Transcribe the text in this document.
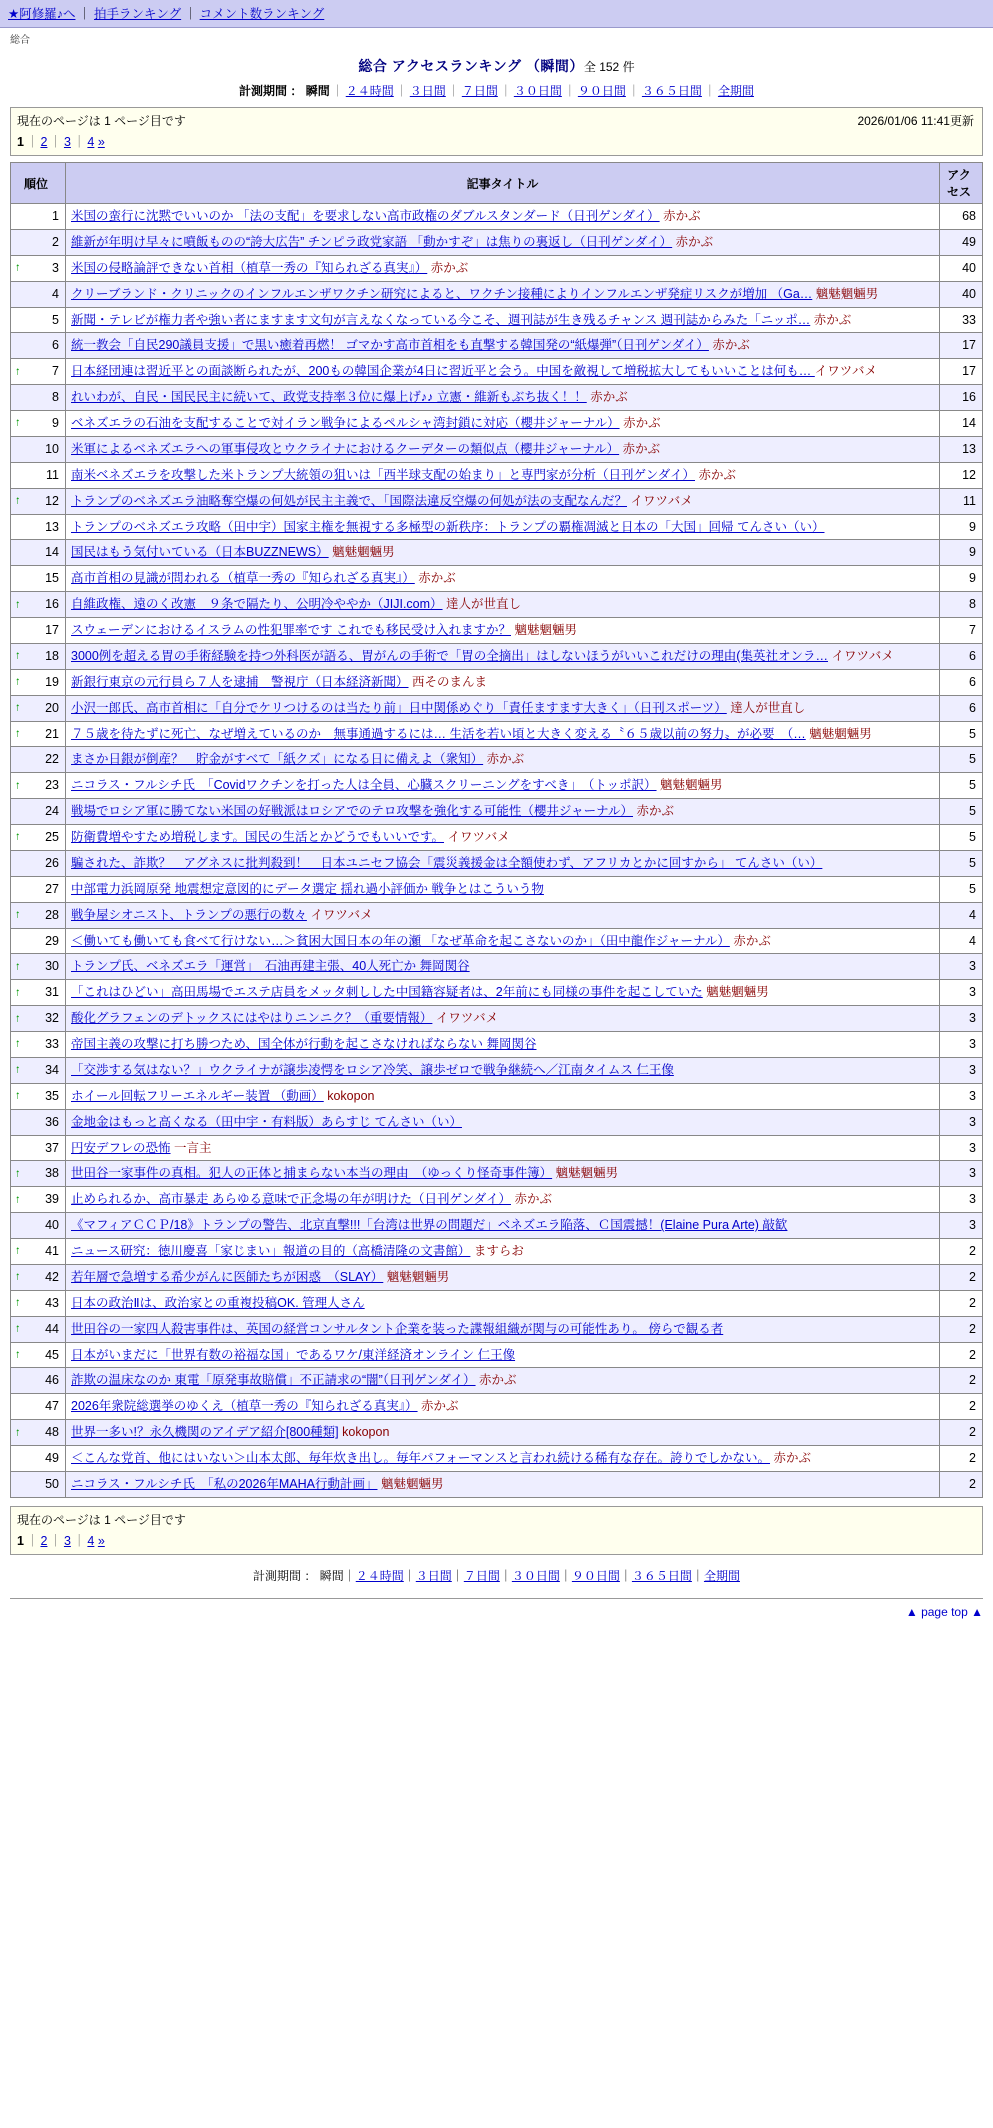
★阿修羅♪へ ｜ 拍手ランキング ｜ コメント数ランキング
総合
総合 アクセスランキング （瞬間）全 152 件
計測期間 ： 瞬間 ｜ ２４時間 ｜ ３日間 ｜ ７日間 ｜ ３０日間 ｜ ９０日間 ｜ ３６５日間 ｜ 全期間
2026/01/06 11:41更新
現在のページは 1 ページ目です
1 ｜ 2 ｜ 3 ｜ 4 »
順位	記事タイトル	アクセス
1	米国の蛮行に沈黙でいいのか 「法の支配」を要求しない高市政権のダブルスタンダード（日刊ゲンダイ） 赤かぶ	68
2	維新が年明け早々に噴飯ものの“誇大広告” チンピラ政党家語 「動かすぞ」は焦りの裏返し（日刊ゲンダイ） 赤かぶ	49

↑ 3	米国の侵略論評できない首相（植草一秀の『知られざる真実』） 赤かぶ	40
4	クリーブランド・クリニックのインフルエンザワクチン研究によると、ワクチン接種によりインフルエンザ発症リスクが増加 （Ga… 魑魅魍魎男	40
5	新聞・テレビが権力者や強い者にますます文句が言えなくなっている今こそ、週刊誌が生き残るチャンス 週刊誌からみた「ニッポ… 赤かぶ	33
6	統一教会「自民290議員支援」で黒い癒着再燃！ ゴマかす高市首相をも直撃する韓国発の“紙爆弾”（日刊ゲンダイ） 赤かぶ	17

↑ 7	日本経団連は習近平との面談断られたが、200もの韓国企業が4日に習近平と会う。中国を敵視して増税拡大してもいいことは何も… イワツバメ	17
8	れいわが、自民・国民民主に続いて、政党支持率３位に爆上げ♪♪ 立憲・維新もぶち抜く！！ 赤かぶ	16

↑ 9	ベネズエラの石油を支配することで対イラン戦争によるペルシャ湾封鎖に対応（櫻井ジャーナル） 赤かぶ	14
10	米軍によるベネズエラへの軍事侵攻とウクライナにおけるクーデターの類似点（櫻井ジャーナル） 赤かぶ	13
11	南米ベネズエラを攻撃した米トランプ大統領の狙いは「西半球支配の始まり」と専門家が分析（日刊ゲンダイ） 赤かぶ	12

↑ 12	トランプのベネズエラ油略奪空爆の何処が民主主義で、「国際法違反空爆の何処が法の支配なんだ？ イワツバメ	11
13	トランプのベネズエラ攻略（田中宇）国家主権を無視する多極型の新秩序：トランプの覇権凋滅と日本の「大国」回帰 てんさい（い）	9
14	国民はもう気付いている（日本BUZZNEWS） 魑魅魍魎男	9
15	高市首相の見識が問われる（植草一秀の『知られざる真実』） 赤かぶ	9

↑ 16	自維政権、遠のく改憲　９条で隔たり、公明冷ややか（JIJI.com） 達人が世直し	8
17	スウェーデンにおけるイスラムの性犯罪率です これでも移民受け入れますか？ 魑魅魍魎男	7

↑ 18	3000例を超える胃の手術経験を持つ外科医が語る、胃がんの手術で「胃の全摘出」はしないほうがいいこれだけの理由(集英社オンラ… イワツバメ	6

↑ 19	新銀行東京の元行員ら７人を逮捕　警視庁（日本経済新聞） 西そのまんま	6

↑ 20	小沢一郎氏、高市首相に「自分でケリつけるのは当たり前」日中関係めぐり「責任ますます大きく」（日刊スポーツ） 達人が世直し	6

↑ 21	７５歳を待たずに死亡、なぜ増えているのか　無事通過するには… 生活を若い頃と大きく変える〝６５歳以前の努力〟が必要　（… 魑魅魍魎男	5
22	まさか日銀が倒産？　貯金がすべて「紙クズ」になる日に備えよ（衆知） 赤かぶ	5

↑ 23	ニコラス・フルシチ氏　「Covidワクチンを打った人は全員、心臓スクリーニングをすべき」　（トッポ訳） 魑魅魍魎男	5
24	戦場でロシア軍に勝てない米国の好戦派はロシアでのテロ攻撃を強化する可能性（櫻井ジャーナル） 赤かぶ	5

↑ 25	防衛費増やすため増税します。国民の生活とかどうでもいいです。 イワツバメ	5
26	騙された、詐欺？　アグネスに批判殺到！　日本ユニセフ協会「震災義援金は全額使わず、アフリカとかに回すから」 てんさい（い）	5
27	中部電力浜岡原発 地震想定意図的にデータ選定 揺れ過小評価か 戦争とはこういう物	5

↑ 28	戦争屋シオニスト、トランプの悪行の数々 イワツバメ	4
29	＜働いても働いても食べて行けない…＞貧困大国日本の年の瀬 「なぜ革命を起こさないのか」（田中龍作ジャーナル） 赤かぶ	4

↑ 30	トランプ氏、ベネズエラ「運営」　石油再建主張、40人死亡か 舞岡関谷	3

↑ 31	「これはひどい」高田馬場でエステ店員をメッタ刺しした中国籍容疑者は、2年前にも同様の事件を起こしていた 魑魅魍魎男	3

↑ 32	酸化グラフェンのデトックスにはやはりニンニク？（重要情報） イワツバメ	3

↑ 33	帝国主義の攻撃に打ち勝つため、国全体が行動を起こさなければならない 舞岡関谷	3

↑ 34	「交渉する気はない？」ウクライナが譲歩凌愕をロシア冷笑、譲歩ゼロで戦争継続へ／江南タイムス 仁王像	3

↑ 35	ホイール回転フリーエネルギー装置 （動画） kokopon	3
36	金地金はもっと高くなる（田中宇・有料版）あらすじ てんさい（い）	3
37	円安デフレの恐怖 一言主	3

↑ 38	世田谷一家事件の真相。犯人の正体と捕まらない本当の理由　（ゆっくり怪奇事件簿） 魑魅魍魎男	3

↑ 39	止められるか、高市暴走 あらゆる意味で正念場の年が明けた（日刊ゲンダイ） 赤かぶ	3
40	《マフィアＣＣＰ/18》トランプの警告、北京直撃!!!「台湾は世界の問題だ」ベネズエラ陥落、Ｃ国震撼！(Elaine Pura Arte) 敲歓	3

↑ 41	ニュース研究：徳川慶喜「家じまい」報道の目的（高橋清隆の文書館） ますらお	2

↑ 42	若年層で急増する希少がんに医師たちが困惑　（SLAY） 魑魅魍魎男	2

↑ 43	日本の政治Ⅱは、政治家との重複投稿OK. 管理人さん	2

↑ 44	世田谷の一家四人殺害事件は、英国の経営コンサルタント企業を装った諜報組織が関与の可能性あり。 傍らで観る者	2

↑ 45	日本がいまだに「世界有数の裕福な国」であるワケ/東洋経済オンライン 仁王像	2
46	詐欺の温床なのか 東電「原発事故賠償」不正請求の“闇”（日刊ゲンダイ） 赤かぶ	2
47	2026年衆院総選挙のゆくえ（植草一秀の『知られざる真実』） 赤かぶ	2

↑ 48	世界一多い!？永久機関のアイデア紹介[800種類] kokopon	2
49	＜こんな党首、他にはいない＞山本太郎、毎年炊き出し。毎年パフォーマンスと言われ続ける稀有な存在。誇りでしかない。 赤かぶ	2
50	ニコラス・フルシチ氏　「私の2026年MAHA行動計画」 魑魅魍魎男	2
現在のページは 1 ページ目です
1 ｜ 2 ｜ 3 ｜ 4 »
計測期間 ： 瞬間｜２４時間｜３日間｜７日間｜３０日間｜９０日間｜３６５日間｜全期間
▲ page top ▲
